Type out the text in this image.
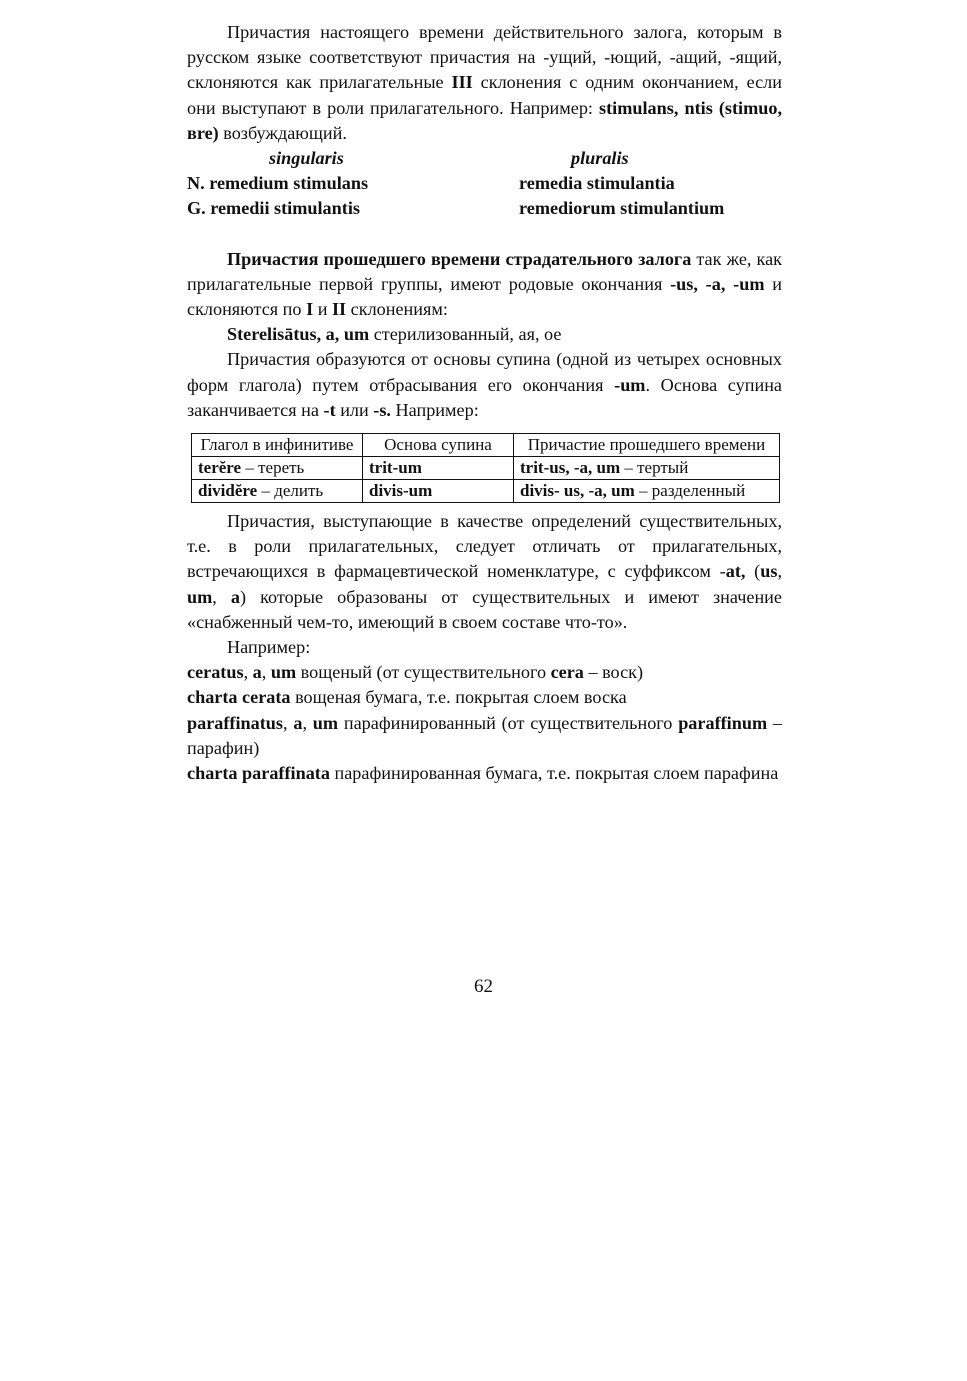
Причастия настоящего времени действительного залога, которым в русском языке соответствуют причастия на -ущий, -ющий, -ащий, -ящий, склоняются как прилагательные III склонения с одним окончанием, если они выступают в роли прилагательного. Например: stimulans, ntis (stimuo, вre) возбуждающий.

singularis	pluralis
N. remedium stimulans	remedia stimulantia
G. remedii stimulantis	remediorum stimulantium

Причастия прошедшего времени страдательного залога так же, как прилагательные первой группы, имеют родовые окончания -us, -a, -um и склоняются по I и II склонениям:

Sterelisātus, a, um стерилизованный, ая, ое

Причастия образуются от основы супина (одной из четырех основных форм глагола) путем отбрасывания его окончания -um. Основа супина заканчивается на -t или -s. Например:

Глагол в инфинитиве	Основа супина	Причастие прошедшего времени
terĕre – тереть	trit-um	trit-us, -a, um – тертый
dividĕre – делить	divis-um	divis- us, -a, um – разделенный

Причастия, выступающие в качестве определений существительных, т.е. в роли прилагательных, следует отличать от прилагательных, встречающихся в фармацевтической номенклатуре, с суффиксом -at, (us, um, a) которые образованы от существительных и имеют значение «снабженный чем-то, имеющий в своем составе что-то».

Например:

ceratus, a, um вощеный (от существительного cera – воск)

charta cerata вощеная бумага, т.е. покрытая слоем воска

paraffinatus, a, um парафинированный (от существительного paraffinum – парафин)

charta paraffinata парафинированная бумага, т.е. покрытая слоем парафина

62
